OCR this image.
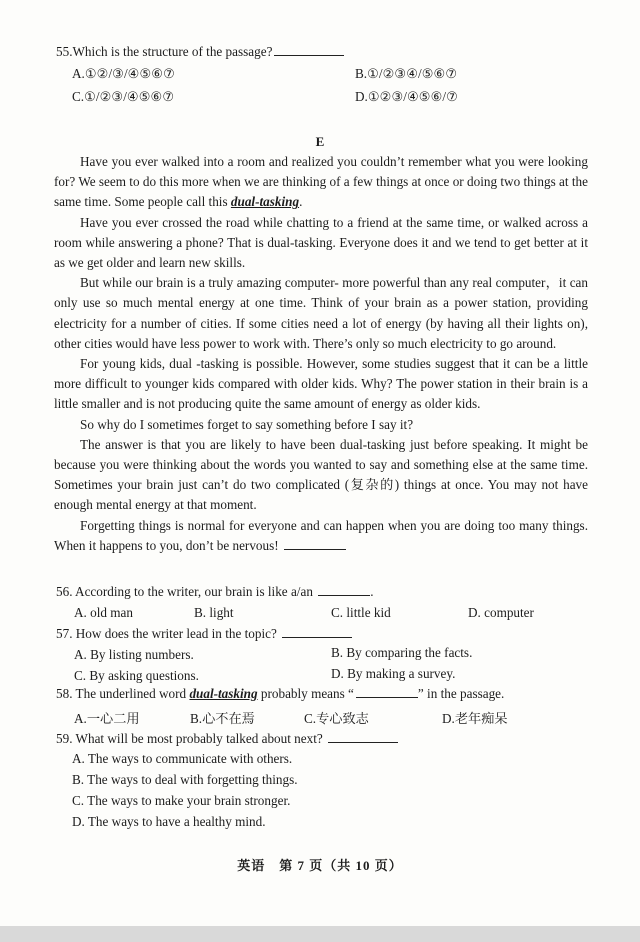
55.Which is the structure of the passage?
A.①②/③/④⑤⑥⑦	B.①/②③④/⑤⑥⑦
C.①/②③/④⑤⑥⑦	D.①②③/④⑤⑥/⑦
E

Have you ever walked into a room and realized you couldn’t remember what you were looking for? We seem to do this more when we are thinking of a few things at once or doing two things at the same time. Some people call this dual-tasking.

Have you ever crossed the road while chatting to a friend at the same time, or walked across a room while answering a phone? That is dual-tasking. Everyone does it and we tend to get better at it as we get older and learn new skills.

But while our brain is a truly amazing computer- more powerful than any real computer，it can only use so much mental energy at one time. Think of your brain as a power station, providing electricity for a number of cities. If some cities need a lot of energy (by having all their lights on), other cities would have less power to work with. There’s only so much electricity to go around.

For young kids, dual -tasking is possible. However, some studies suggest that it can be a little more difficult to younger kids compared with older kids. Why? The power station in their brain is a little smaller and is not producing quite the same amount of energy as older kids.

So why do I sometimes forget to say something before I say it?

The answer is that you are likely to have been dual-tasking just before speaking. It might be because you were thinking about the words you wanted to say and something else at the same time. Sometimes your brain just can’t do two complicated (复杂的) things at once. You may not have enough mental energy at that moment.

Forgetting things is normal for everyone and can happen when you are doing too many things. When it happens to you, don’t be nervous!

56. According to the writer, our brain is like a/an	.
A. old man	B. light	C. little kid	D. computer
57. How does the writer lead in the topic?
A. By listing numbers.	B. By comparing the facts.
C. By asking questions.	D. By making a survey.
58. The underlined word dual-tasking probably means “	” in the passage.
A.一心二用	B.心不在焉	C.专心致志	D.老年痴呆
59. What will be most probably talked about next?
A. The ways to communicate with others.
B. The ways to deal with forgetting things.
C. The ways to make your brain stronger.
D. The ways to have a healthy mind.
英语　第 7 页（共 10 页）
